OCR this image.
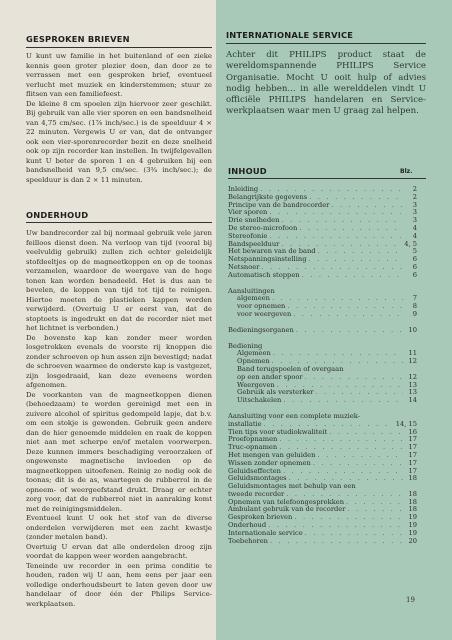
GESPROKEN BRIEVEN

U kunt uw familie in het buitenland of een zieke kennis geen groter plezier doen, dan door ze te verrassen met een gesproken brief, eventueel verlucht met muziek en kinderstemmen; stuur ze flitsen van een familiefeest.

De kleine 8 cm spoelen zijn hiervoor zeer geschikt. Bij gebruik van alle vier sporen en een bandsnelheid van 4,75 cm/sec. (1⅞ inch/sec.) is de speelduur 4 × 22 minuten. Vergewis U er van, dat de ontvanger ook een vier-sporenrecorder bezit en deze snelheid ook op zijn recorder kan instellen. In twijfelgevallen kunt U beter de sporen 1 en 4 gebruiken bij een bandsnelheid van 9,5 cm/sec. (3¾ inch/sec.); de speelduur is dan 2 × 11 minuten.

ONDERHOUD

Uw bandrecorder zal bij normaal gebruik vele jaren feilloos dienst doen. Na verloop van tijd (vooral bij veelvuldig gebruik) zullen zich echter geleidelijk stofdeeltjes op de magneetkoppen en op de toonas verzamelen, waardoor de weergave van de hoge tonen kan worden benadeeld. Het is dus aan te bevelen, de koppen van tijd tot tijd te reinigen. Hiertoe moeten de plastieken kappen worden verwijderd. (Overtuig U er eerst van, dat de stoptoets is ingedrukt en dat de recorder niet met het lichtnet is verbonden.)

De bovenste kap kan zonder meer worden losgetrokken evenals de voorste rij knoppen die zonder schroeven op hun assen zijn bevestigd; nadat de schroeven waarmee de onderste kap is vastgezet, zijn losgedraaid, kan deze eveneens worden afgenomen.

De voorkanten van de magneetkoppen dienen (behoedzaam) te worden gereinigd met een in zuivere alcohol of spiritus gedompeld lapje, dat b.v. om een stokje is gewonden. Gebruik geen andere dan de hier genoemde middelen en raak de koppen niet aan met scherpe en/of metalen voorwerpen. Deze kunnen immers beschadiging veroorzaken of ongewenste magnetische invloeden op de magneetkoppen uitoefenen. Reinig zo nodig ook de toonas; dit is de as, waartegen de rubberrol in de opneem- of weergeefstand drukt. Draag er echter zorg voor, dat de rubberrol niet in aanraking komt met de reinigingsmiddelen.

Eventueel kunt U ook het stof van de diverse onderdelen verwijderen met een zacht kwastje (zonder metalen band).

Overtuig U ervan dat alle onderdelen droog zijn voordat de kappen weer worden aangebracht.

Teneinde uw recorder in een prima conditie te houden, raden wij U aan, hem eens per jaar een volledige onderhoudsbeurt te laten geven door uw handelaar of door één der Philips Service-werkplaatsen.

INTERNATIONALE SERVICE

Achter dit PHILIPS product staat de wereldomspannende PHILIPS Service Organisatie. Mocht U ooit hulp of advies nodig hebben... in alle werelddelen vindt U officiële PHILIPS handelaren en Service-werkplaatsen waar men U graag zal helpen.

INHOUD	Blz.
Inleiding . . .	2
Belangrijkste gegevens . . .	2
Principe van de bandrecorder . . .	3
Vier sporen . . .	3
Drie snelheden . . .	3
De stereo-microfoon . . .	4
Stereofonie . . .	4
Bandspeelduur . . .	4, 5
Het bewaren van de band . . .	5
Netspanningsinstelling . . .	6
Netsnoer . . .	6
Automatisch stoppen . . .	6
Aansluitingen
algemeen . . .	7
voor opnemen . . .	8
voor weergeven . . .	9
Bedieningsorganen . . .	10
Bediening
Algemeen . . .	11
Opnemen . . .	12
Band terugspoelen of overgaan
op een ander spoor . . .	12
Weergeven . . .	13
Gebruik als versterker . . .	13
Uitschakelen . . .	14
Aansluiting voor een complete muziek-
installatie . . .	14, 15
Tien tips voor studiokwaliteit . . .	16
Proefopnamen . . .	17
Truc-opnamen . . .	17
Het mengen van geluiden . . .	17
Wissen zonder opnemen . . .	17
Geluidseffecten . . .	17
Geluidsmontages . . .	18
Geluidsmontages met behulp van een
tweede recorder . . .	18
Opnemen van telefoongesprekken . . .	18
Ambulant gebruik van de recorder . . .	18
Gesproken brieven . . .	19
Onderhoud . . .	19
Internationale service . . .	19
Toebehoren . . .	20
19
